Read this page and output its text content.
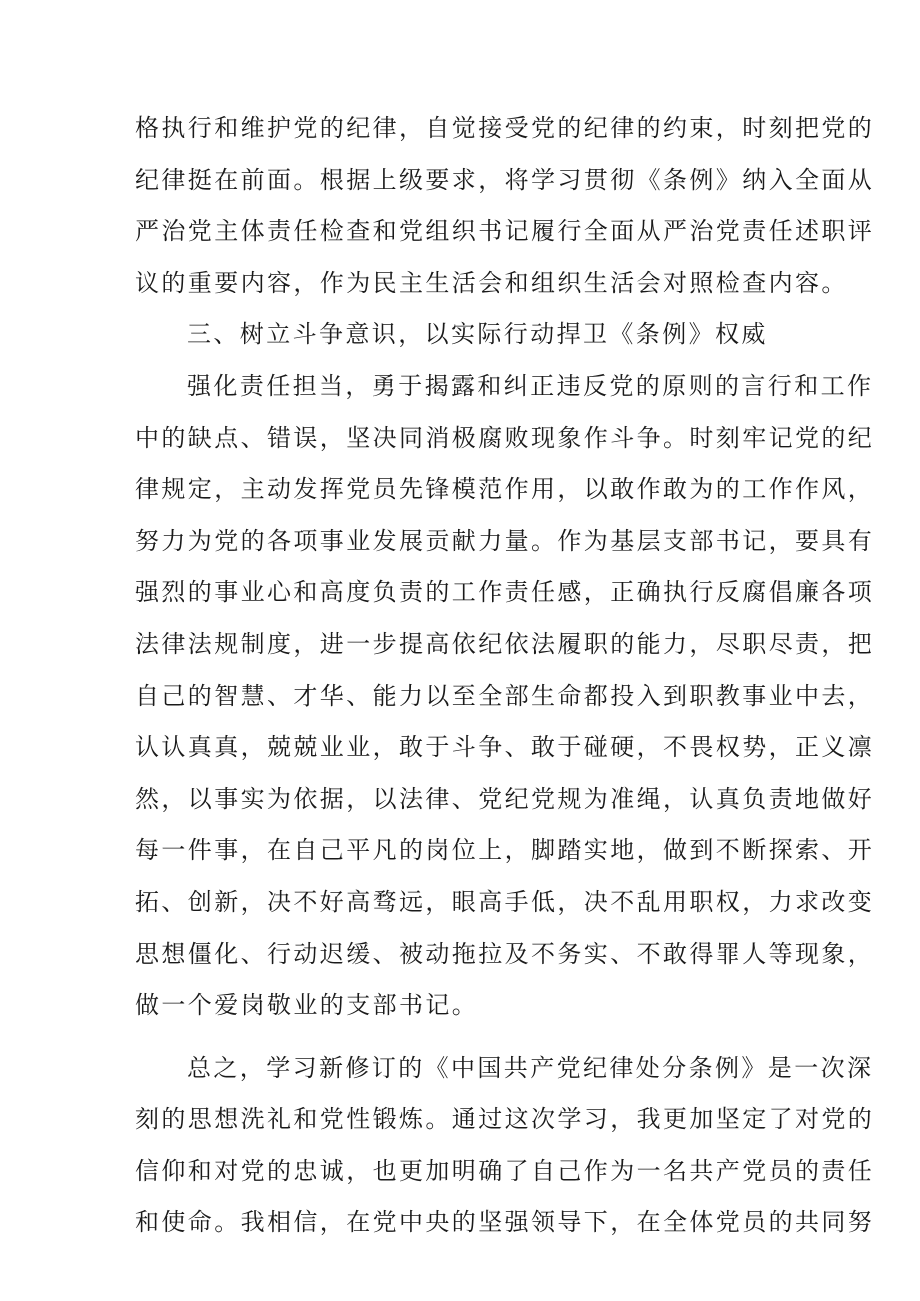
格执行和维护党的纪律，自觉接受党的纪律的约束，时刻把党的
纪律挺在前面。根据上级要求，将学习贯彻《条例》纳入全面从
严治党主体责任检查和党组织书记履行全面从严治党责任述职评
议的重要内容，作为民主生活会和组织生活会对照检查内容。
三、树立斗争意识，以实际行动捍卫《条例》权威
强化责任担当，勇于揭露和纠正违反党的原则的言行和工作
中的缺点、错误，坚决同消极腐败现象作斗争。时刻牢记党的纪
律规定，主动发挥党员先锋模范作用，以敢作敢为的工作作风，
努力为党的各项事业发展贡献力量。作为基层支部书记，要具有
强烈的事业心和高度负责的工作责任感，正确执行反腐倡廉各项
法律法规制度，进一步提高依纪依法履职的能力，尽职尽责，把
自己的智慧、才华、能力以至全部生命都投入到职教事业中去，
认认真真，兢兢业业，敢于斗争、敢于碰硬，不畏权势，正义凛
然，以事实为依据，以法律、党纪党规为准绳，认真负责地做好
每一件事，在自己平凡的岗位上，脚踏实地，做到不断探索、开
拓、创新，决不好高骛远，眼高手低，决不乱用职权，力求改变
思想僵化、行动迟缓、被动拖拉及不务实、不敢得罪人等现象，
做一个爱岗敬业的支部书记。
总之，学习新修订的《中国共产党纪律处分条例》是一次深
刻的思想洗礼和党性锻炼。通过这次学习，我更加坚定了对党的
信仰和对党的忠诚，也更加明确了自己作为一名共产党员的责任
和使命。我相信，在党中央的坚强领导下，在全体党员的共同努
